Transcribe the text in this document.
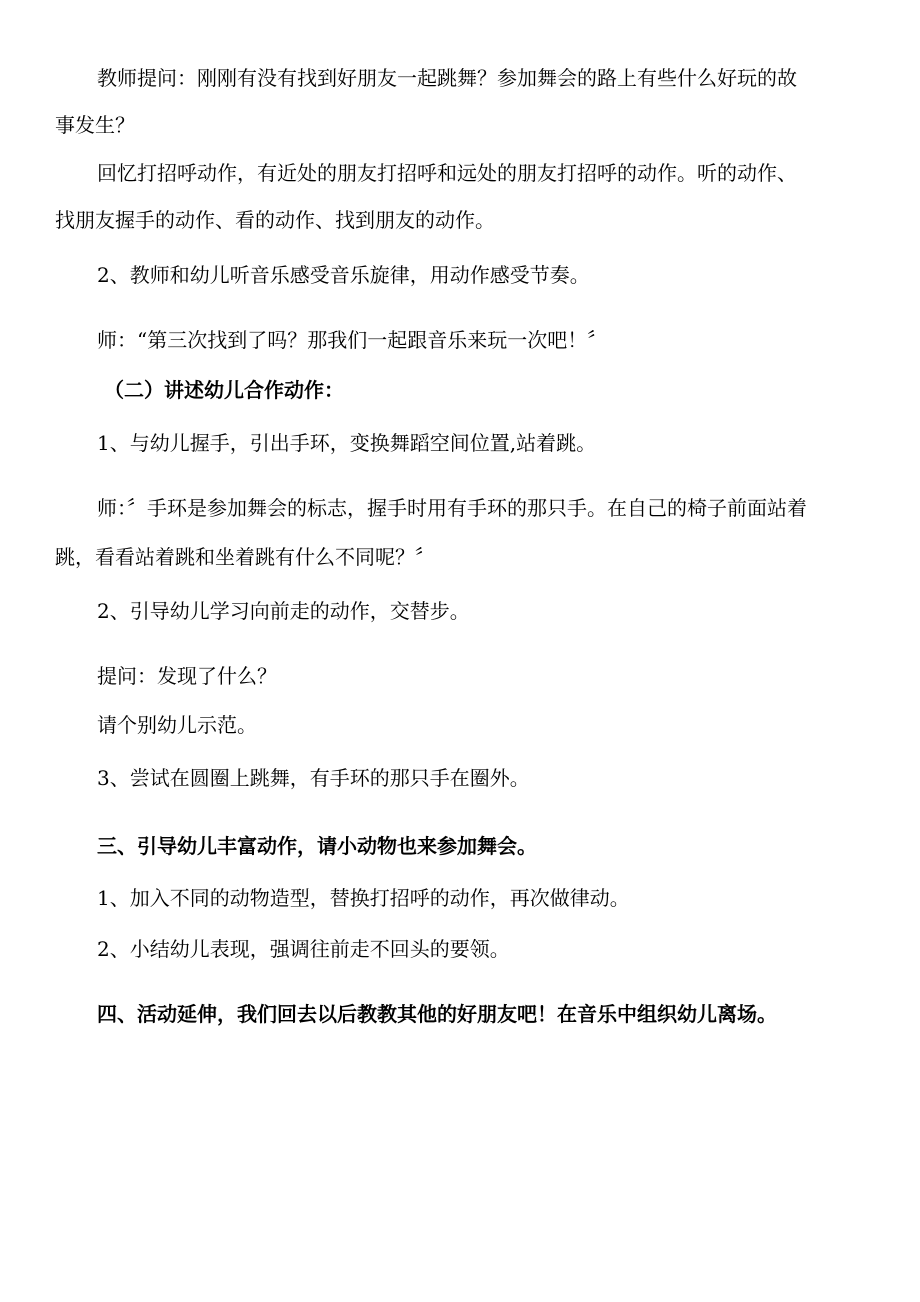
教师提问：刚刚有没有找到好朋友一起跳舞？参加舞会的路上有些什么好玩的故

事发生？

回忆打招呼动作，有近处的朋友打招呼和远处的朋友打招呼的动作。听的动作、

找朋友握手的动作、看的动作、找到朋友的动作。

2、教师和幼儿听音乐感受音乐旋律，用动作感受节奏。

师：“第三次找到了吗？那我们一起跟音乐来玩一次吧！〞

（二）讲述幼儿合作动作：

1、与幼儿握手，引出手环，变换舞蹈空间位置,站着跳。

师：〞手环是参加舞会的标志，握手时用有手环的那只手。在自己的椅子前面站着

跳，看看站着跳和坐着跳有什么不同呢？〞

2、引导幼儿学习向前走的动作，交替步。

提问：发现了什么？

请个别幼儿示范。

3、尝试在圆圈上跳舞，有手环的那只手在圈外。

三、引导幼儿丰富动作，请小动物也来参加舞会。

1、加入不同的动物造型，替换打招呼的动作，再次做律动。

2、小结幼儿表现，强调往前走不回头的要领。

四、活动延伸，我们回去以后教教其他的好朋友吧！在音乐中组织幼儿离场。
